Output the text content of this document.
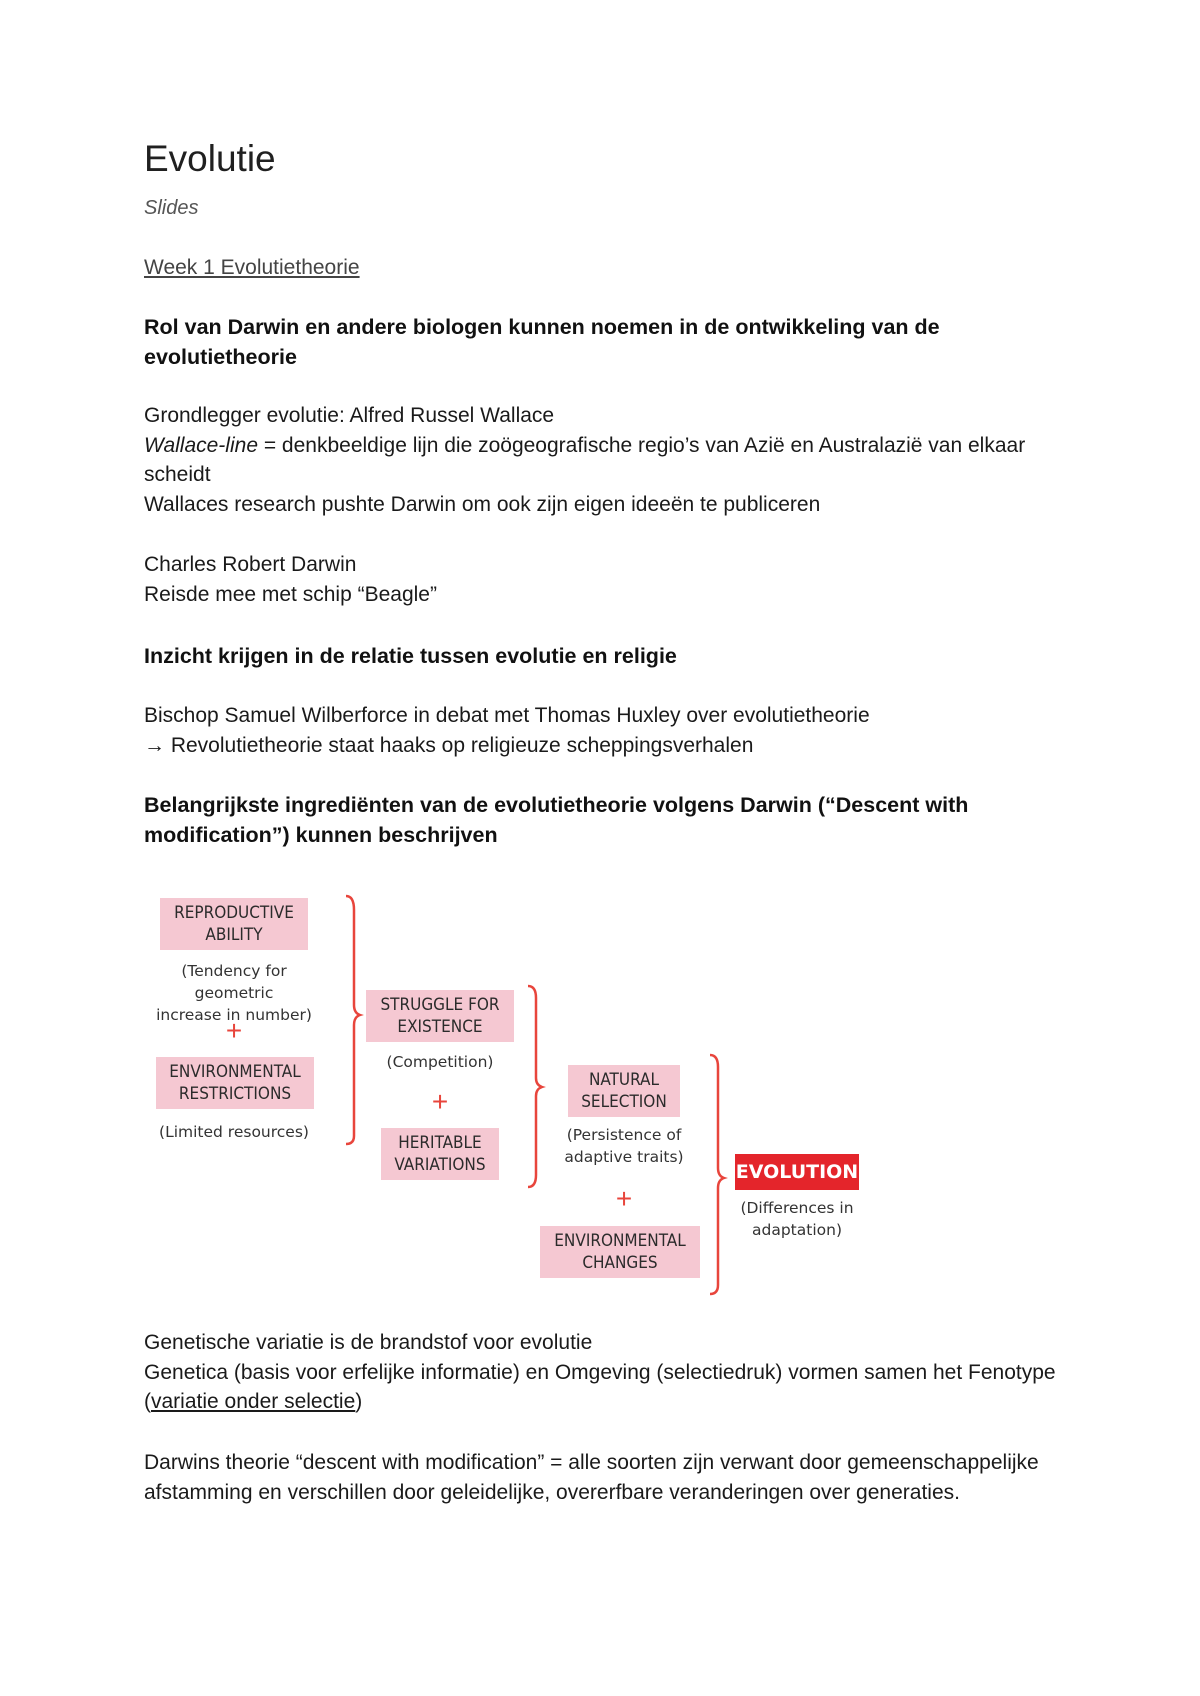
Evolutie
Slides
Week 1 Evolutietheorie
Rol van Darwin en andere biologen kunnen noemen in de ontwikkeling van de evolutietheorie
Grondlegger evolutie: Alfred Russel Wallace
Wallace-line = denkbeeldige lijn die zoögeografische regio’s van Azië en Australazië van elkaar scheidt
Wallaces research pushte Darwin om ook zijn eigen ideeën te publiceren
Charles Robert Darwin
Reisde mee met schip “Beagle”
Inzicht krijgen in de relatie tussen evolutie en religie
Bischop Samuel Wilberforce in debat met Thomas Huxley over evolutietheorie
→ Revolutietheorie staat haaks op religieuze scheppingsverhalen
Belangrijkste ingrediënten van de evolutietheorie volgens Darwin (“Descent with modification”) kunnen beschrijven
REPRODUCTIVE
ABILITY
(Tendency for geometric
increase in number)
+
ENVIRONMENTAL
RESTRICTIONS
(Limited resources)
STRUGGLE FOR
EXISTENCE
(Competition)
+
HERITABLE
VARIATIONS
NATURAL
SELECTION
(Persistence of
adaptive traits)
+
ENVIRONMENTAL
CHANGES
EVOLUTION
(Differences in
adaptation)
Genetische variatie is de brandstof voor evolutie
Genetica (basis voor erfelijke informatie) en Omgeving (selectiedruk) vormen samen het Fenotype (variatie onder selectie)
Darwins theorie “descent with modification” = alle soorten zijn verwant door gemeenschappelijke afstamming en verschillen door geleidelijke, overerfbare veranderingen over generaties.
